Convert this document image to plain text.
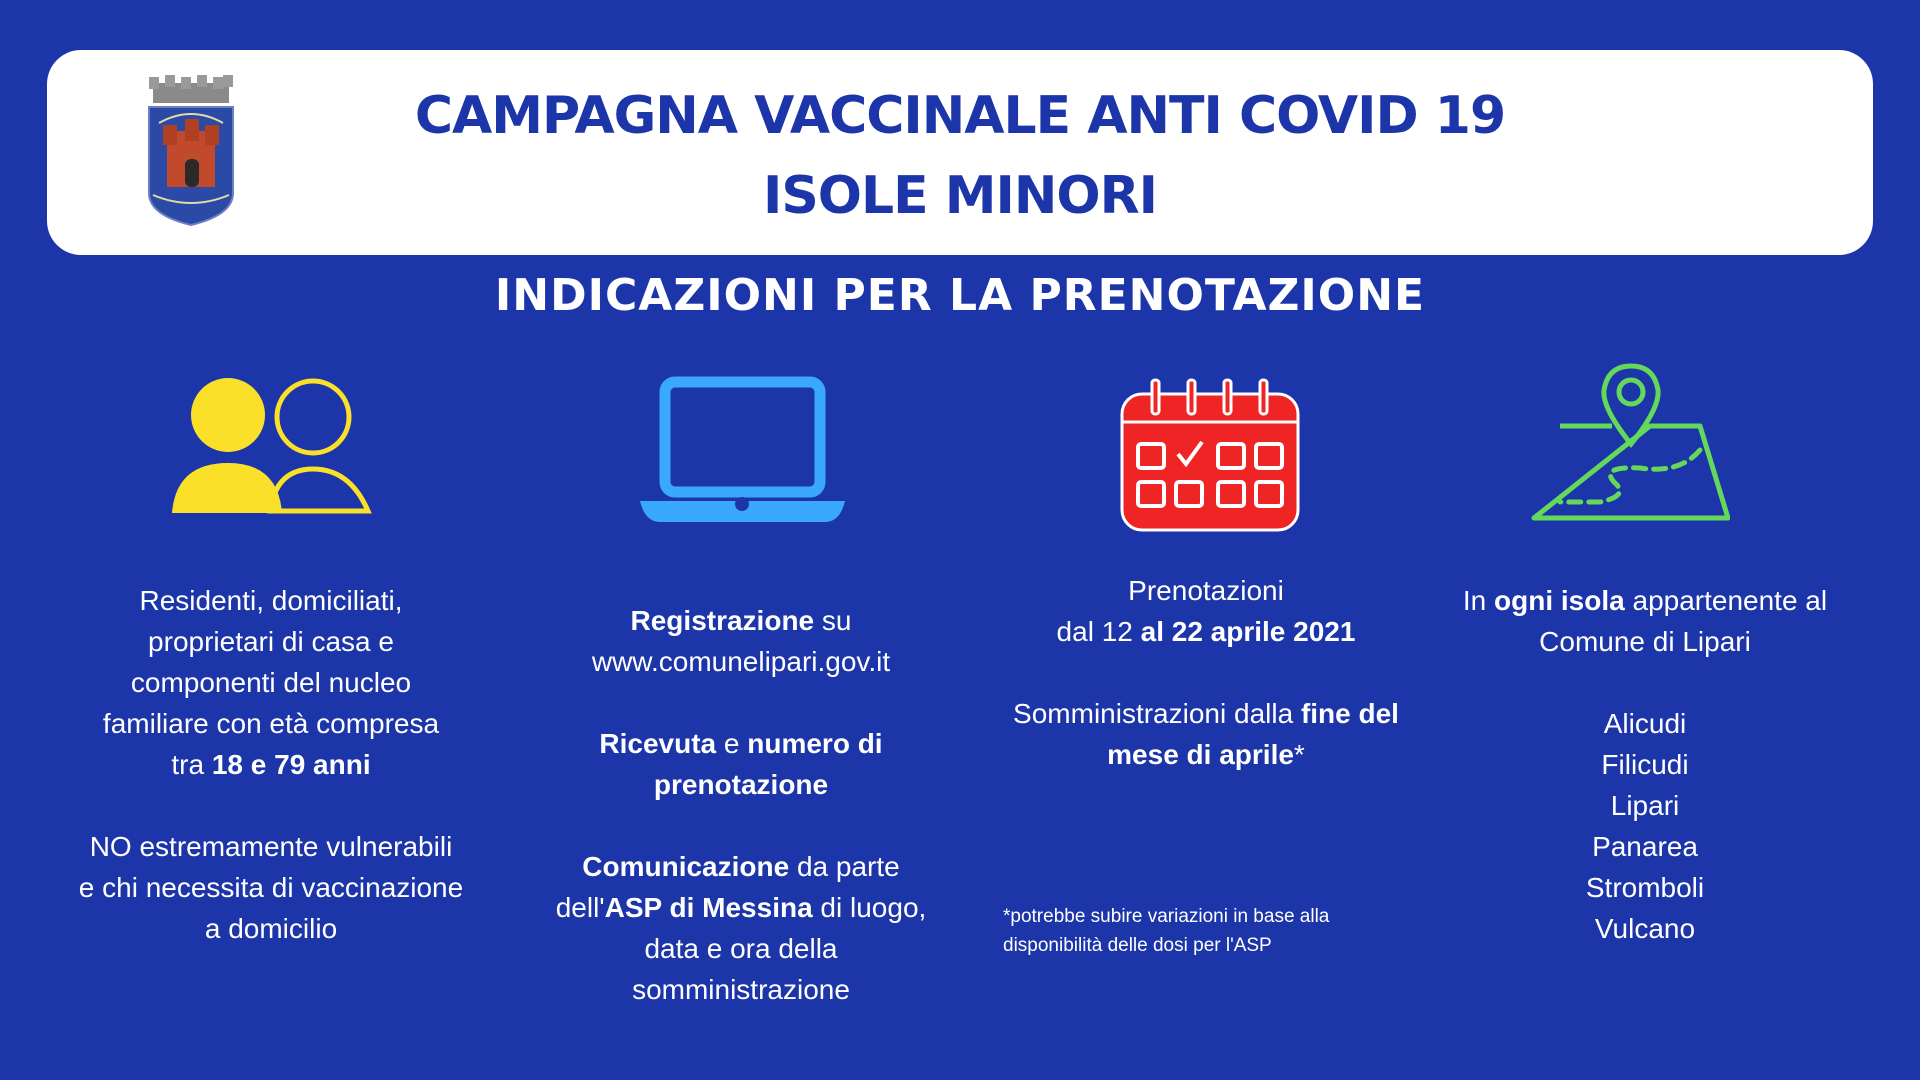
CAMPAGNA VACCINALE ANTI COVID 19
ISOLE MINORI
INDICAZIONI PER LA PRENOTAZIONE

Residenti, domiciliati,

proprietari di casa e

componenti del nucleo

familiare con età compresa

tra 18 e 79 anni

NO estremamente vulnerabili

e chi necessita di vaccinazione

a domicilio

Registrazione su

www.comunelipari.gov.it

Ricevuta e numero di

prenotazione

Comunicazione da parte

dell'ASP di Messina di luogo,

data e ora della

somministrazione

Prenotazioni

dal 12 al 22 aprile 2021

Somministrazioni dalla fine del

mese di aprile*

*potrebbe subire variazioni in base alla
disponibilità delle dosi per l'ASP

In ogni isola appartenente al

Comune di Lipari

Alicudi

Filicudi

Lipari

Panarea

Stromboli

Vulcano
